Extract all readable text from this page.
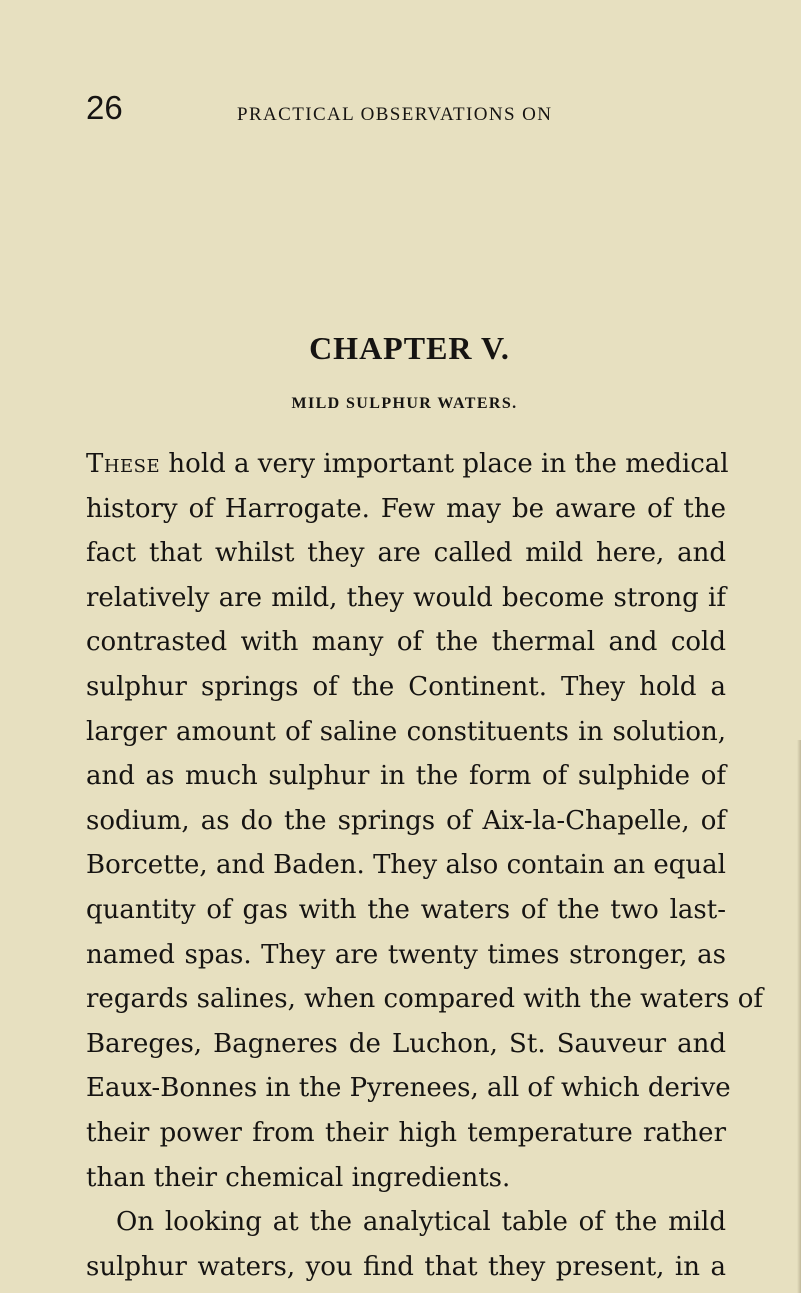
26	PRACTICAL OBSERVATIONS ON
CHAPTER V.
MILD SULPHUR WATERS.

These hold a very important place in the medical

history of Harrogate. Few may be aware of the

fact that whilst they are called mild here, and

relatively are mild, they would become strong if

contrasted with many of the thermal and cold

sulphur springs of the Continent. They hold a

larger amount of saline constituents in solution,

and as much sulphur in the form of sulphide of

sodium, as do the springs of Aix-la-Chapelle, of

Borcette, and Baden. They also contain an equal

quantity of gas with the waters of the two last-

named spas. They are twenty times stronger, as

regards salines, when compared with the waters of

Bareges, Bagneres de Luchon, St. Sauveur and

Eaux-Bonnes in the Pyrenees, all of which derive

their power from their high temperature rather

than their chemical ingredients.

On looking at the analytical table of the mild

sulphur waters, you find that they present, in a
